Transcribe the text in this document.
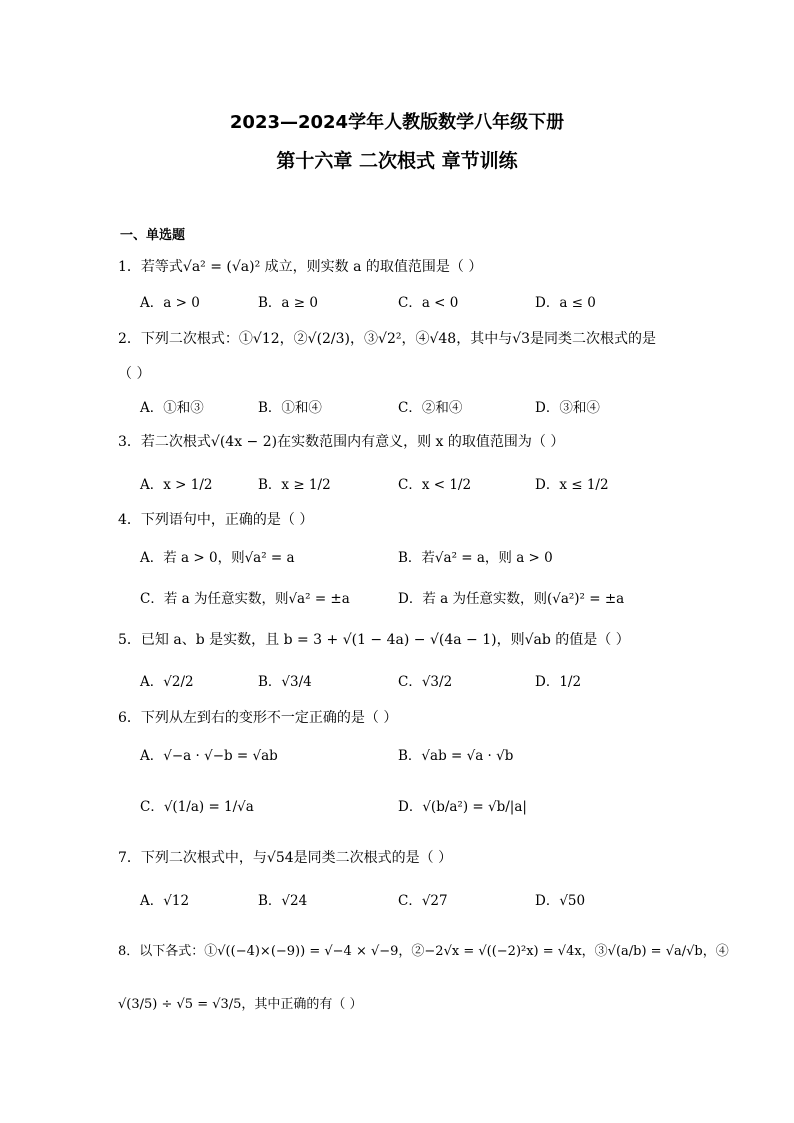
2023—2024学年人教版数学八年级下册
第十六章 二次根式 章节训练
一、单选题
1．若等式√a² = (√a)² 成立，则实数 a 的取值范围是（ ）
A．a > 0	B．a ≥ 0	C．a < 0	D．a ≤ 0
2．下列二次根式：①√12，②√(2/3)，③√2²，④√48，其中与√3是同类二次根式的是
（ ）
A．①和③	B．①和④	C．②和④	D．③和④
3．若二次根式√(4x − 2)在实数范围内有意义，则 x 的取值范围为（ ）
A．x > 1/2	B．x ≥ 1/2	C．x < 1/2	D．x ≤ 1/2
4．下列语句中，正确的是（ ）
A．若 a > 0，则√a² = a	B．若√a² = a，则 a > 0
C．若 a 为任意实数，则√a² = ±a	D．若 a 为任意实数，则(√a²)² = ±a
5．已知 a、b 是实数，且 b = 3 + √(1 − 4a) − √(4a − 1)，则√ab 的值是（ ）
A．√2/2	B．√3/4	C．√3/2	D．1/2
6．下列从左到右的变形不一定正确的是（ ）
A．√−a · √−b = √ab	B．√ab = √a · √b
C．√(1/a) = 1/√a	D．√(b/a²) = √b/|a|
7．下列二次根式中，与√54是同类二次根式的是（ ）
A．√12	B．√24	C．√27	D．√50
8．以下各式：①√((−4)×(−9)) = √−4 × √−9，②−2√x = √((−2)²x) = √4x，③√(a/b) = √a/√b，④
√(3/5) ÷ √5 = √3/5，其中正确的有（ ）
